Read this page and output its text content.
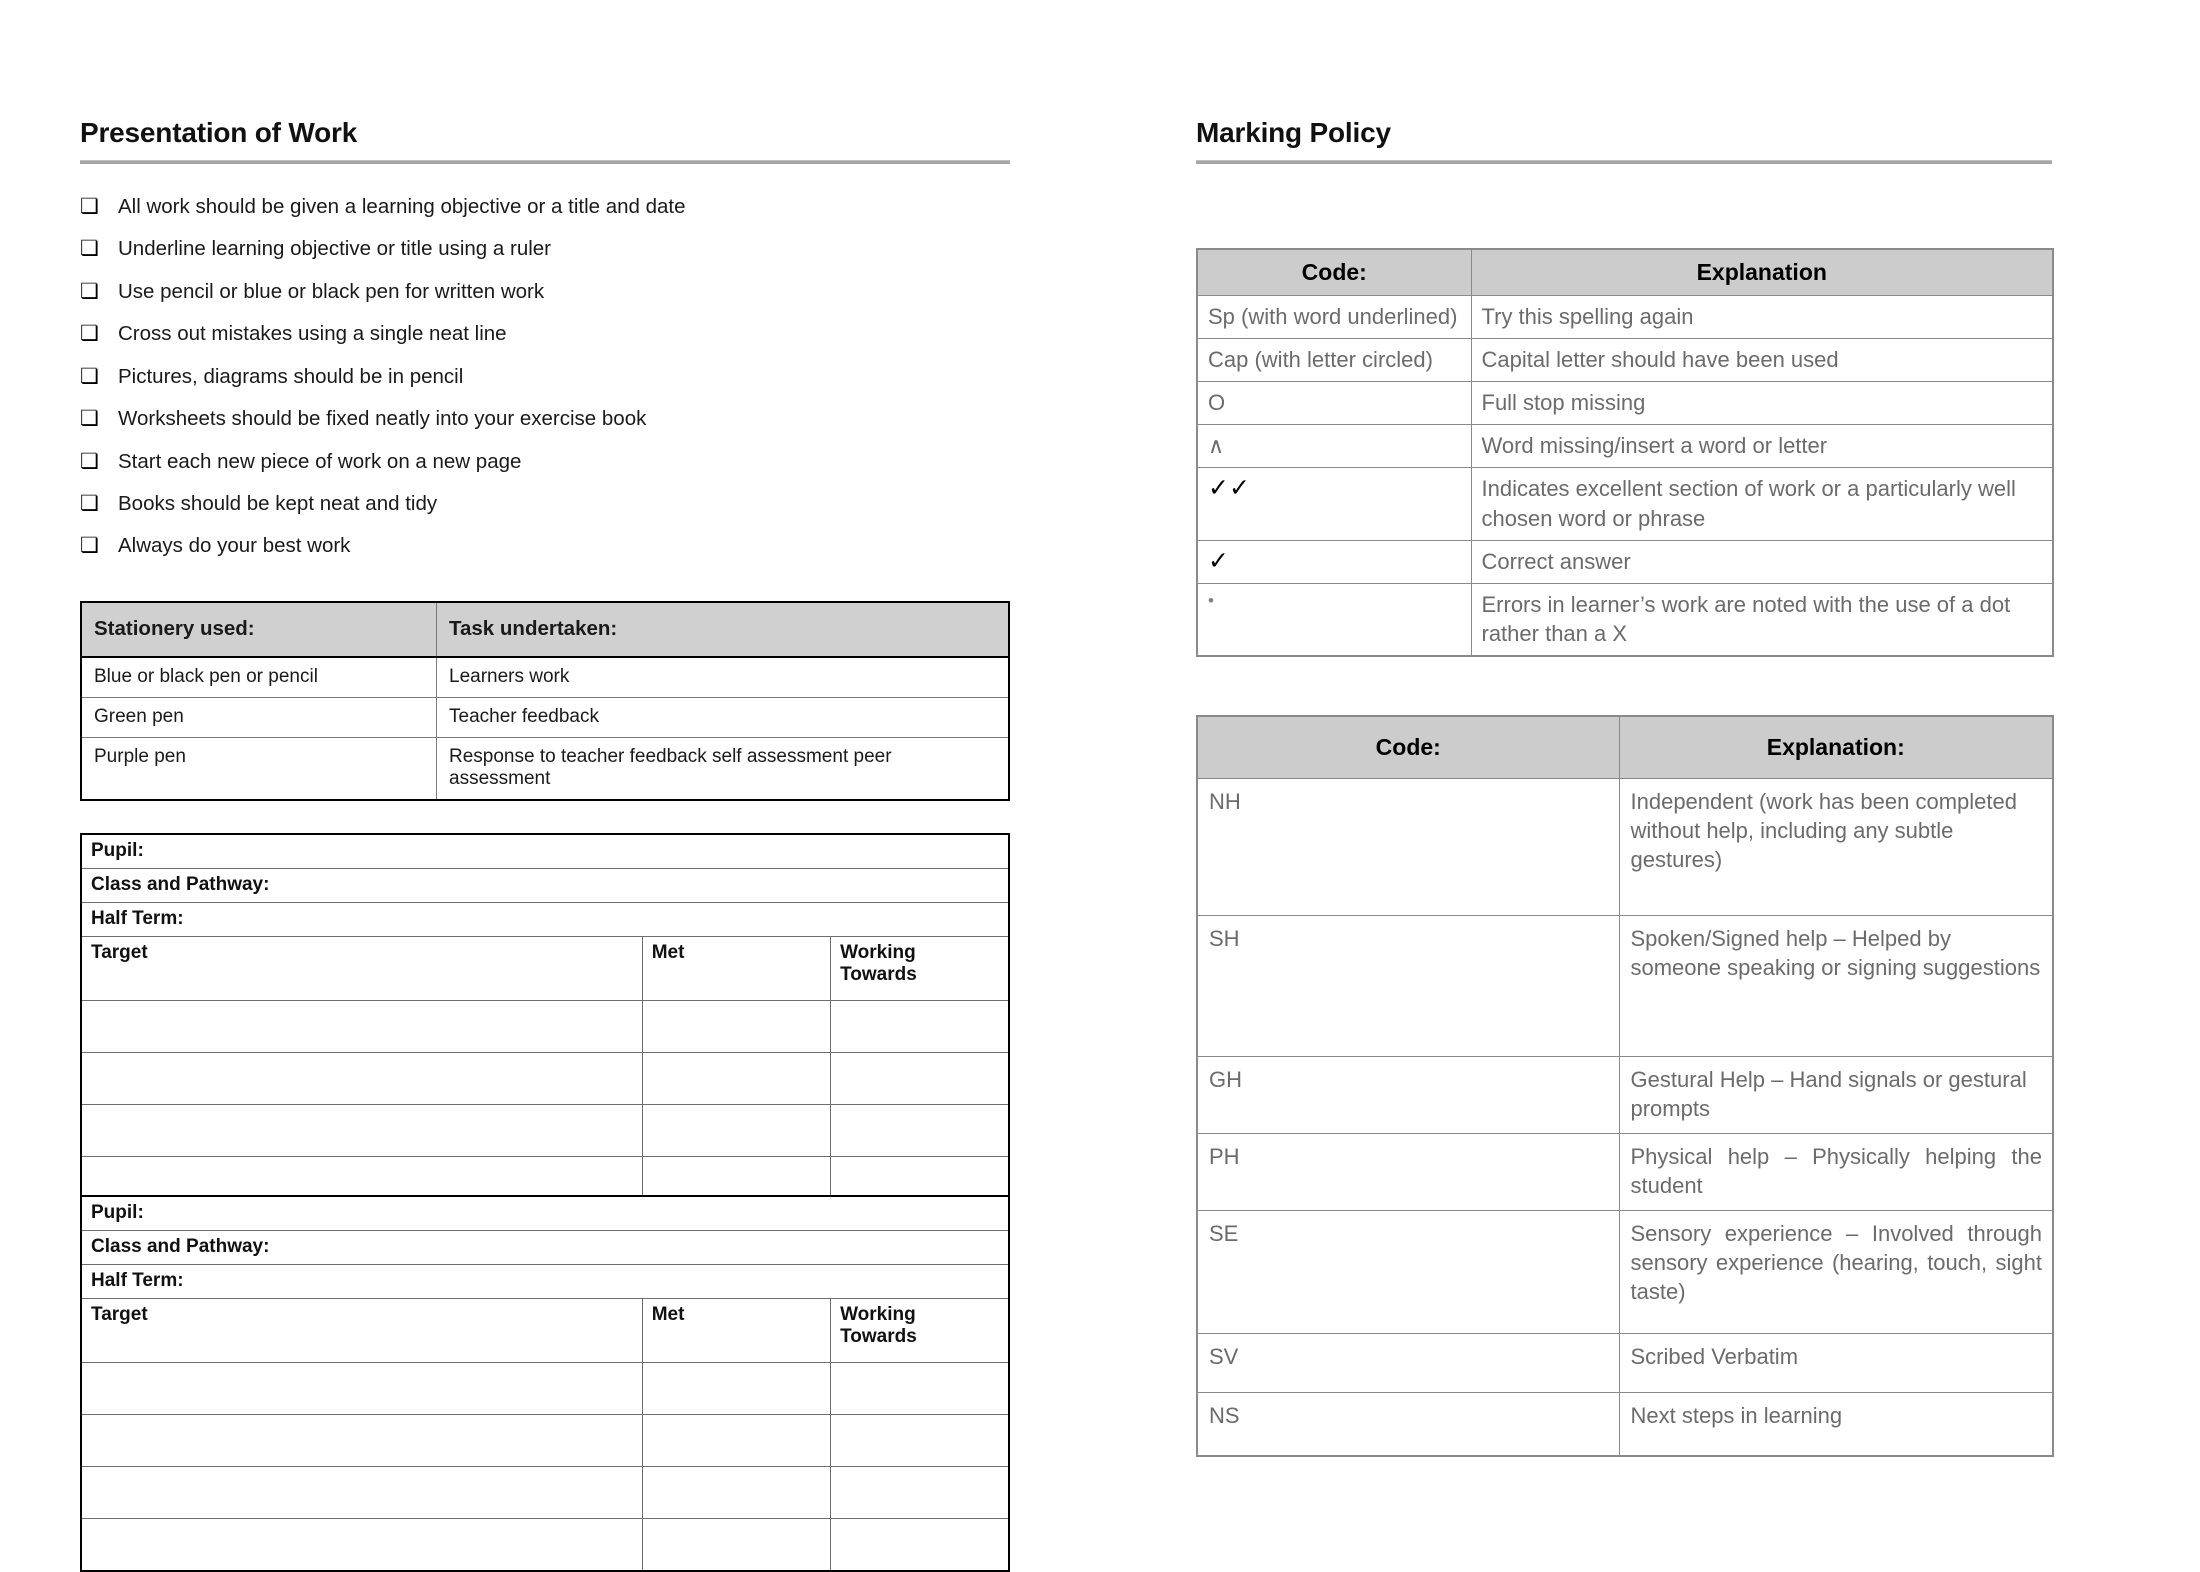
Presentation of Work
❏ All work should be given a learning objective or a title and date
❏ Underline learning objective or title using a ruler
❏ Use pencil or blue or black pen for written work
❏ Cross out mistakes using a single neat line
❏ Pictures, diagrams should be in pencil
❏ Worksheets should be fixed neatly into your exercise book
❏ Start each new piece of work on a new page
❏ Books should be kept neat and tidy
❏ Always do your best work
Stationery used:	Task undertaken:
Blue or black pen or pencil	Learners work
Green pen	Teacher feedback
Purple pen	Response to teacher feedback self assessment peer assessment
Pupil:		
Class and Pathway:		
Half Term:		
Target	Met	Working
Towards

Pupil:		
Class and Pathway:		
Half Term:		
Target	Met	Working
Towards

Marking Policy
Code:	Explanation
Sp (with word underlined)	Try this spelling again
Cap (with letter circled)	Capital letter should have been used
O	Full stop missing
∧	Word missing/insert a word or letter
✓✓	Indicates excellent section of work or a particularly well chosen word or phrase
✓	Correct answer
•	Errors in learner’s work are noted with the use of a dot rather than a X
Code:	Explanation:
NH	Independent (work has been completed without help, including any subtle gestures)
SH	Spoken/Signed help – Helped by someone speaking or signing suggestions
GH	Gestural Help – Hand signals or gestural prompts
PH	Physical help – Physically helping the student
SE	Sensory experience – Involved through sensory experience (hearing, touch, sight taste)
SV	Scribed Verbatim
NS	Next steps in learning
